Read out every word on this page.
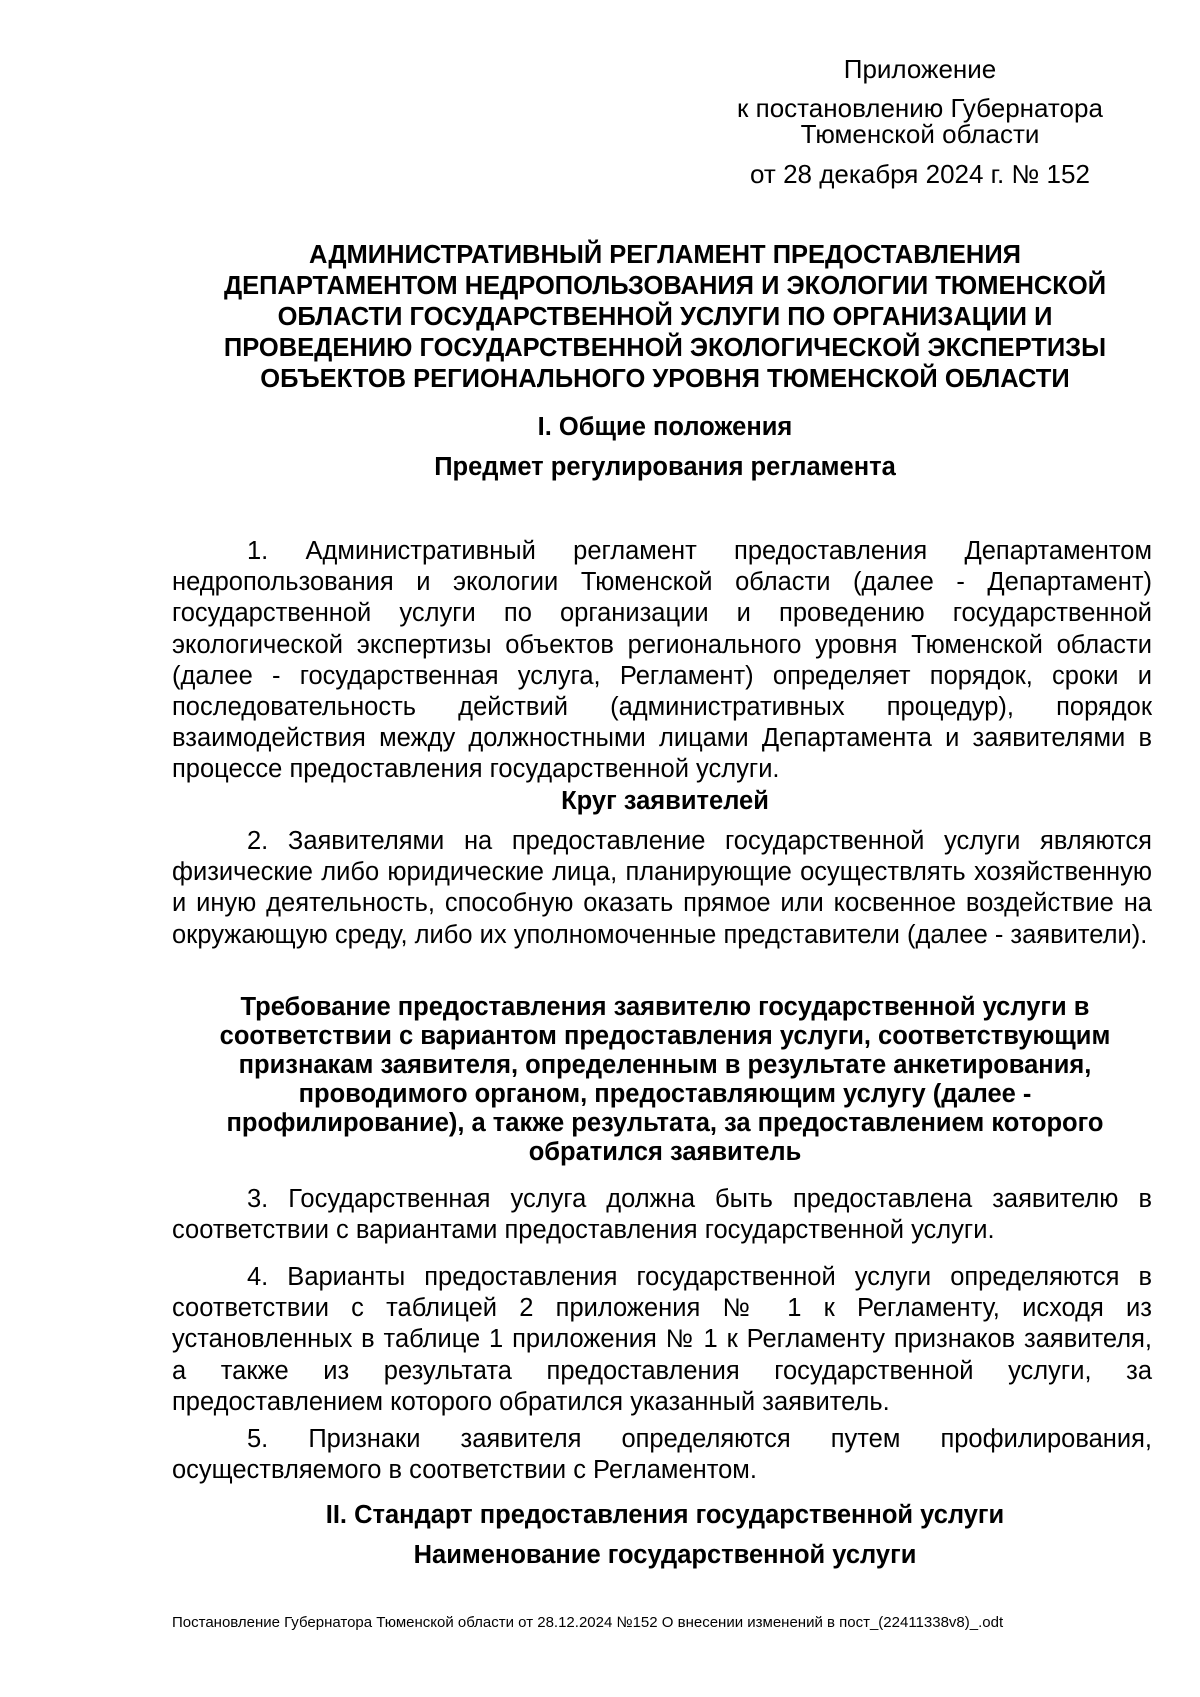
Приложение
к постановлению Губернатора
Тюменской области
от 28 декабря 2024 г. № 152
АДМИНИСТРАТИВНЫЙ РЕГЛАМЕНТ ПРЕДОСТАВЛЕНИЯ
ДЕПАРТАМЕНТОМ НЕДРОПОЛЬЗОВАНИЯ И ЭКОЛОГИИ ТЮМЕНСКОЙ
ОБЛАСТИ ГОСУДАРСТВЕННОЙ УСЛУГИ ПО ОРГАНИЗАЦИИ И
ПРОВЕДЕНИЮ ГОСУДАРСТВЕННОЙ ЭКОЛОГИЧЕСКОЙ ЭКСПЕРТИЗЫ
ОБЪЕКТОВ РЕГИОНАЛЬНОГО УРОВНЯ ТЮМЕНСКОЙ ОБЛАСТИ
I. Общие положения
Предмет регулирования регламента
1. Административный регламент предоставления Департаментом недропользования и экологии Тюменской области (далее - Департамент) государственной услуги по организации и проведению государственной экологической экспертизы объектов регионального уровня Тюменской области (далее - государственная услуга, Регламент) определяет порядок, сроки и последовательность действий (административных процедур), порядок взаимодействия между должностными лицами Департамента и заявителями в процессе предоставления государственной услуги.
Круг заявителей
2. Заявителями на предоставление государственной услуги являются физические либо юридические лица, планирующие осуществлять хозяйственную и иную деятельность, способную оказать прямое или косвенное воздействие на окружающую среду, либо их уполномоченные представители (далее - заявители).
Требование предоставления заявителю государственной услуги в
соответствии с вариантом предоставления услуги, соответствующим
признакам заявителя, определенным в результате анкетирования,
проводимого органом, предоставляющим услугу (далее -
профилирование), а также результата, за предоставлением которого
обратился заявитель
3. Государственная услуга должна быть предоставлена заявителю в соответствии с вариантами предоставления государственной услуги.
4. Варианты предоставления государственной услуги определяются в соответствии с таблицей 2 приложения № 1 к Регламенту, исходя из установленных в таблице 1 приложения № 1 к Регламенту признаков заявителя, а также из результата предоставления государственной услуги, за предоставлением которого обратился указанный заявитель.
5. Признаки заявителя определяются путем профилирования, осуществляемого в соответствии с Регламентом.
II. Стандарт предоставления государственной услуги
Наименование государственной услуги
Постановление Губернатора Тюменской области от 28.12.2024 №152 О внесении изменений в пост_(22411338v8)_.odt
